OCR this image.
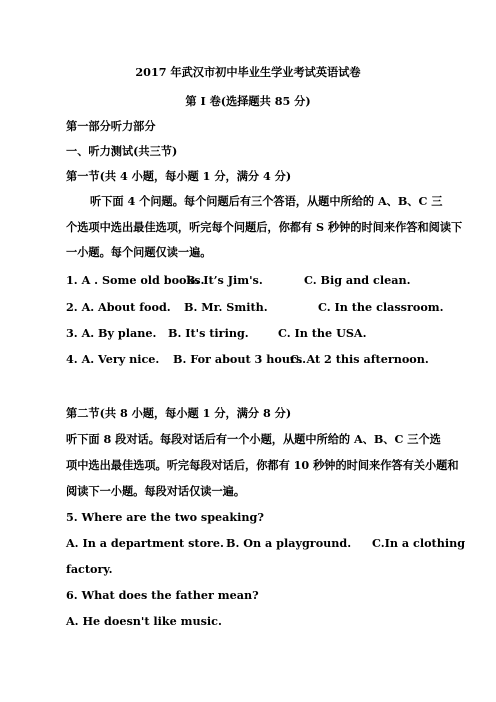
2017 年武汉市初中毕业生学业考试英语试卷
第 I 卷(选择题共 85 分)
第一部分听力部分
一、听力测试(共三节)
第一节(共 4 小题，每小题 1 分，满分 4 分)
听下面 4 个问题。每个问题后有三个答语，从题中所给的 A、B、C 三
个选项中选出最佳选项，听完每个问题后，你都有 S 秒钟的时间来作答和阅读下
一小题。每个问题仅读一遍。
1. A . Some old books.
B. It’s Jim's.	C. Big and clean.
2. A. About food. B. Mr. Smith.	C. In the classroom.
3. A. By plane. B. It's tiring.	C. In the USA.
4. A. Very nice. B. For about 3 hours.
C. At 2 this afternoon.
第二节(共 8 小题，每小题 1 分，满分 8 分)
听下面 8 段对话。每段对话后有一个小题，从题中所给的 A、B、C 三个选
项中选出最佳选项。听完每段对话后，你都有 10 秒钟的时间来作答有关小题和
阅读下一小题。每段对话仅读一遍。
5. Where are the two speaking?
A. In a department store. B. On a playground. C.In a clothing
factory.
6. What does the father mean?
A. He doesn't like music.
